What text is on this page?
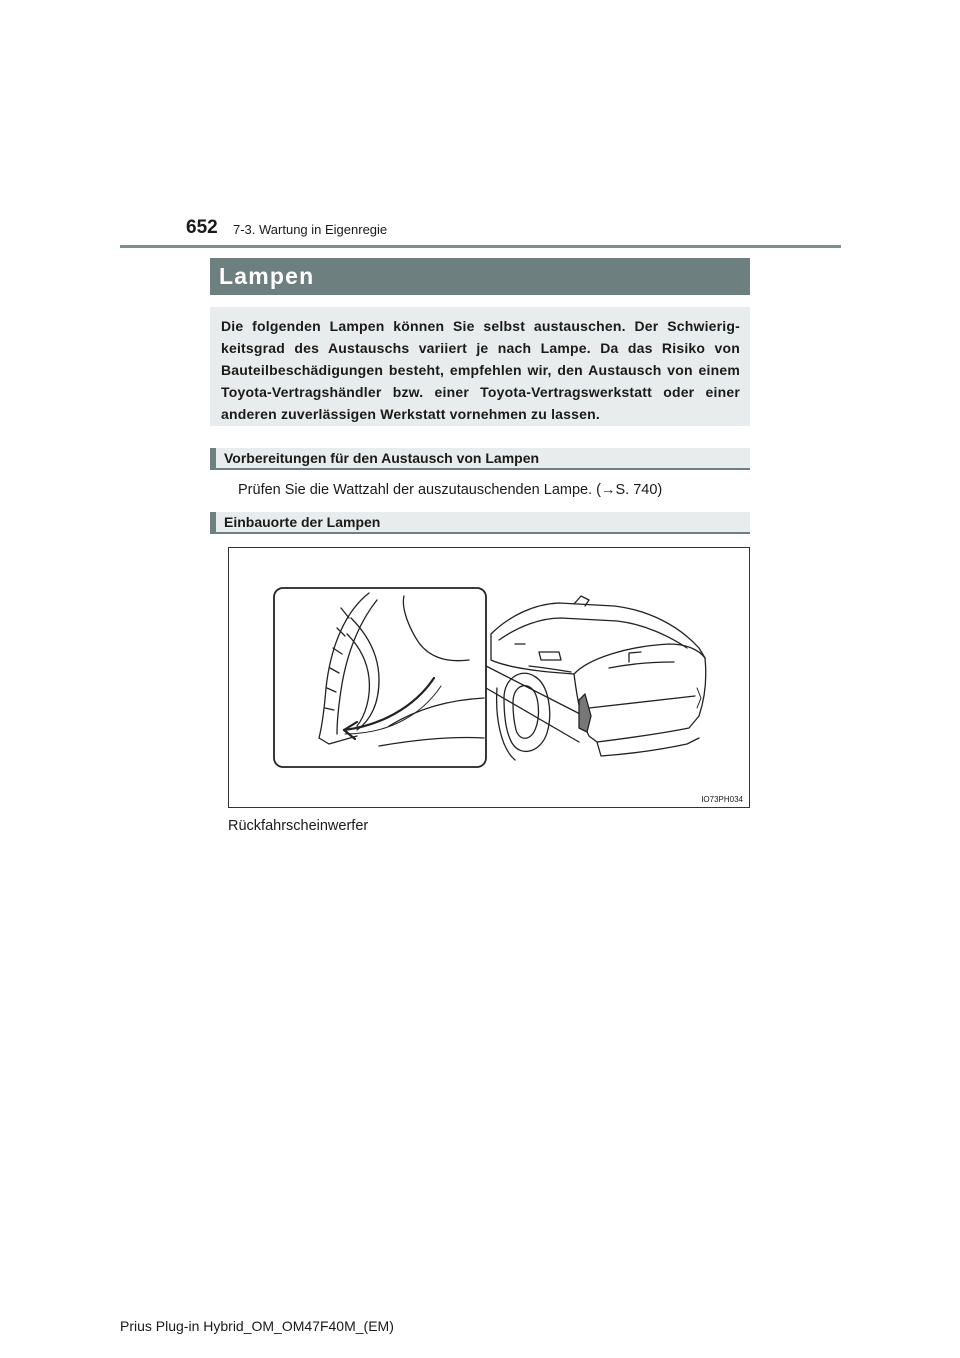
652 7-3. Wartung in Eigenregie
Lampen
Die folgenden Lampen können Sie selbst austauschen. Der Schwierig-keitsgrad des Austauschs variiert je nach Lampe. Da das Risiko von Bauteilbeschädigungen besteht, empfehlen wir, den Austausch von einem Toyota-Vertragshändler bzw. einer Toyota-Vertragswerkstatt oder einer anderen zuverlässigen Werkstatt vornehmen zu lassen.
Vorbereitungen für den Austausch von Lampen
Prüfen Sie die Wattzahl der auszutauschenden Lampe. (→S. 740)
Einbauorte der Lampen
IO73PH034
Rückfahrscheinwerfer
Prius Plug-in Hybrid_OM_OM47F40M_(EM)
